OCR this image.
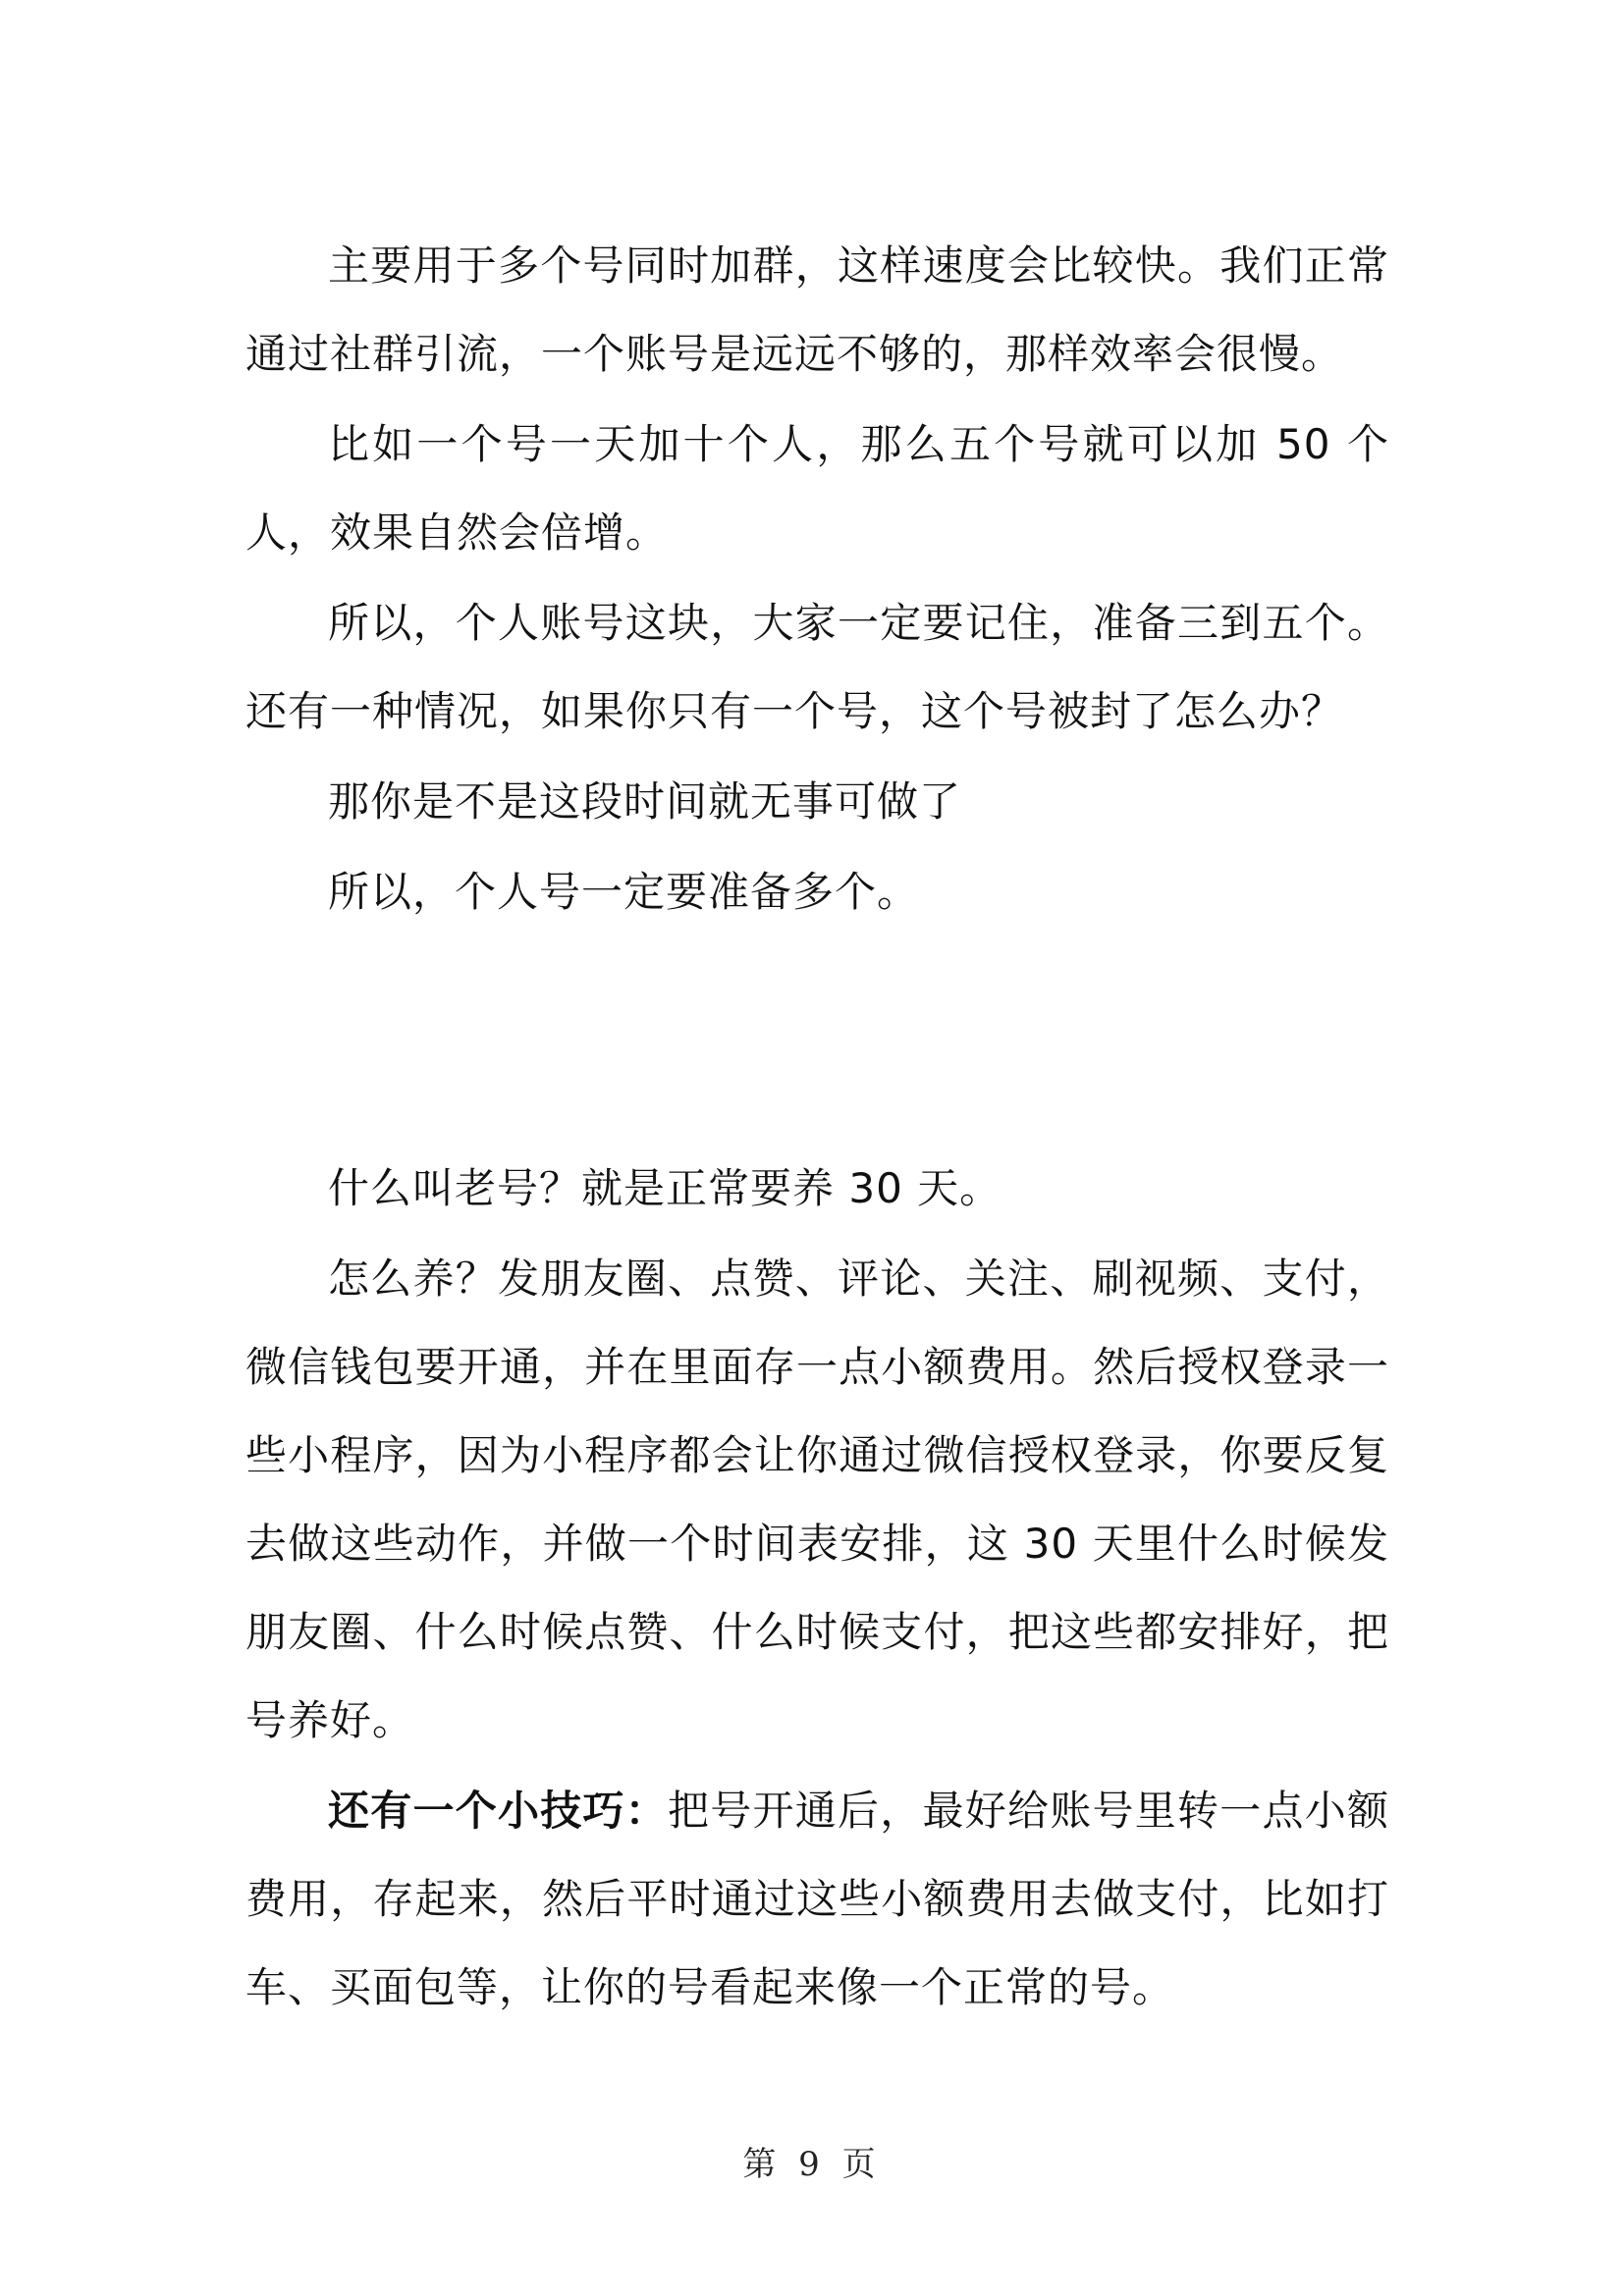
主要用于多个号同时加群，这样速度会比较快。我们正常通过社群引流，一个账号是远远不够的，那样效率会很慢。

比如一个号一天加十个人，那么五个号就可以加 50 个人，效果自然会倍增。

所以，个人账号这块，大家一定要记住，准备三到五个。还有一种情况，如果你只有一个号，这个号被封了怎么办？

那你是不是这段时间就无事可做了

所以，个人号一定要准备多个。

什么叫老号？就是正常要养 30 天。

怎么养？发朋友圈、点赞、评论、关注、刷视频、支付，微信钱包要开通，并在里面存一点小额费用。然后授权登录一些小程序，因为小程序都会让你通过微信授权登录，你要反复去做这些动作，并做一个时间表安排，这 30 天里什么时候发朋友圈、什么时候点赞、什么时候支付，把这些都安排好，把号养好。

还有一个小技巧：把号开通后，最好给账号里转一点小额费用，存起来，然后平时通过这些小额费用去做支付，比如打车、买面包等，让你的号看起来像一个正常的号。

第 9 页
